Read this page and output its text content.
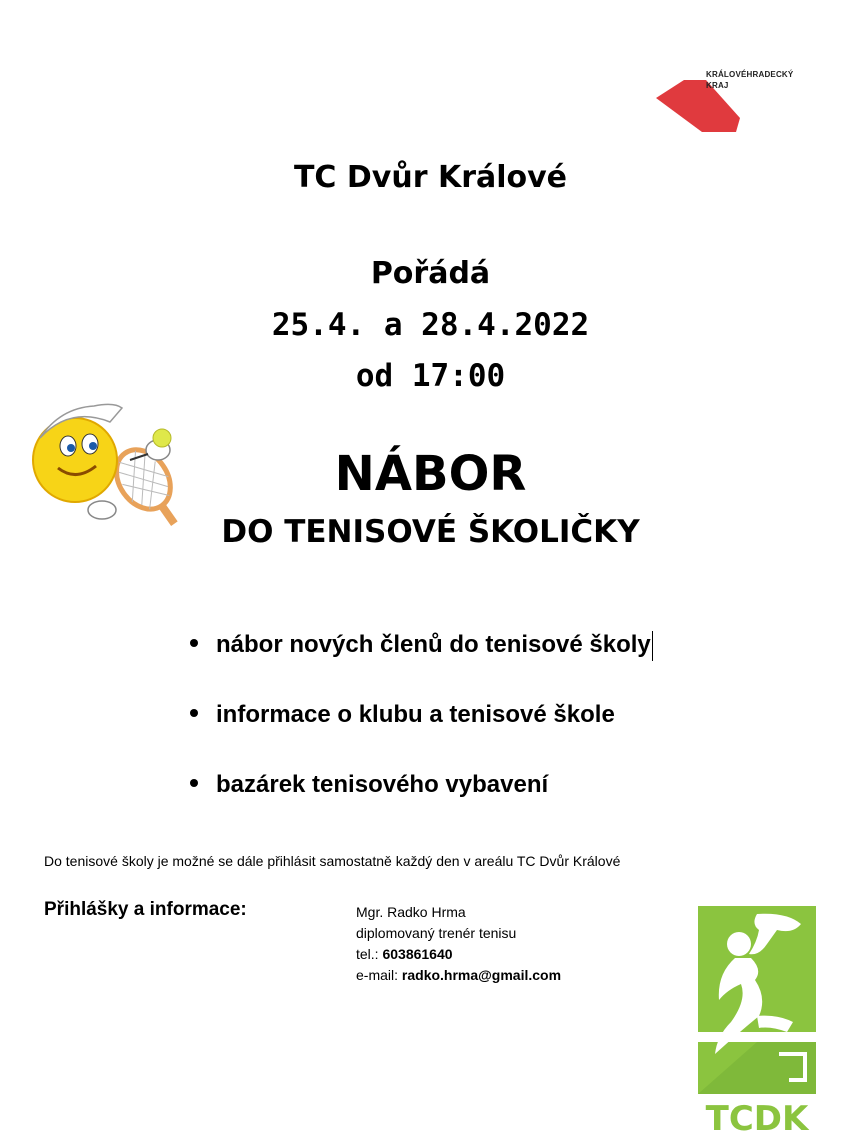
KRÁLOVÉHRADECKÝ
KRAJ
TC Dvůr Králové
Pořádá
25.4. a 28.4.2022
od 17:00
NÁBOR
DO TENISOVÉ ŠKOLIČKY
nábor nových členů do tenisové školy
informace o klubu a tenisové škole
bazárek tenisového vybavení
Do tenisové školy je možné se dále přihlásit samostatně každý den v areálu TC Dvůr Králové
Přihlášky a informace:	Mgr. Radko Hrma
diplomovaný trenér tenisu
tel.: 603861640
e-mail: radko.hrma@gmail.com
TCDK
